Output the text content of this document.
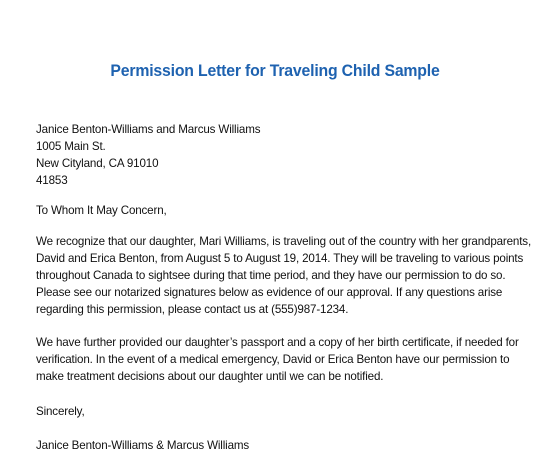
Permission Letter for Traveling Child Sample

Janice Benton-Williams and Marcus Williams
1005 Main St.
New Cityland, CA 91010
41853

To Whom It May Concern,

We recognize that our daughter, Mari Williams, is traveling out of the country with her grandparents, David and Erica Benton, from August 5 to August 19, 2014. They will be traveling to various points throughout Canada to sightsee during that time period, and they have our permission to do so. Please see our notarized signatures below as evidence of our approval. If any questions arise regarding this permission, please contact us at (555)987-1234.

We have further provided our daughter’s passport and a copy of her birth certificate, if needed for verification. In the event of a medical emergency, David or Erica Benton have our permission to make treatment decisions about our daughter until we can be notified.

Sincerely,

Janice Benton-Williams & Marcus Williams
